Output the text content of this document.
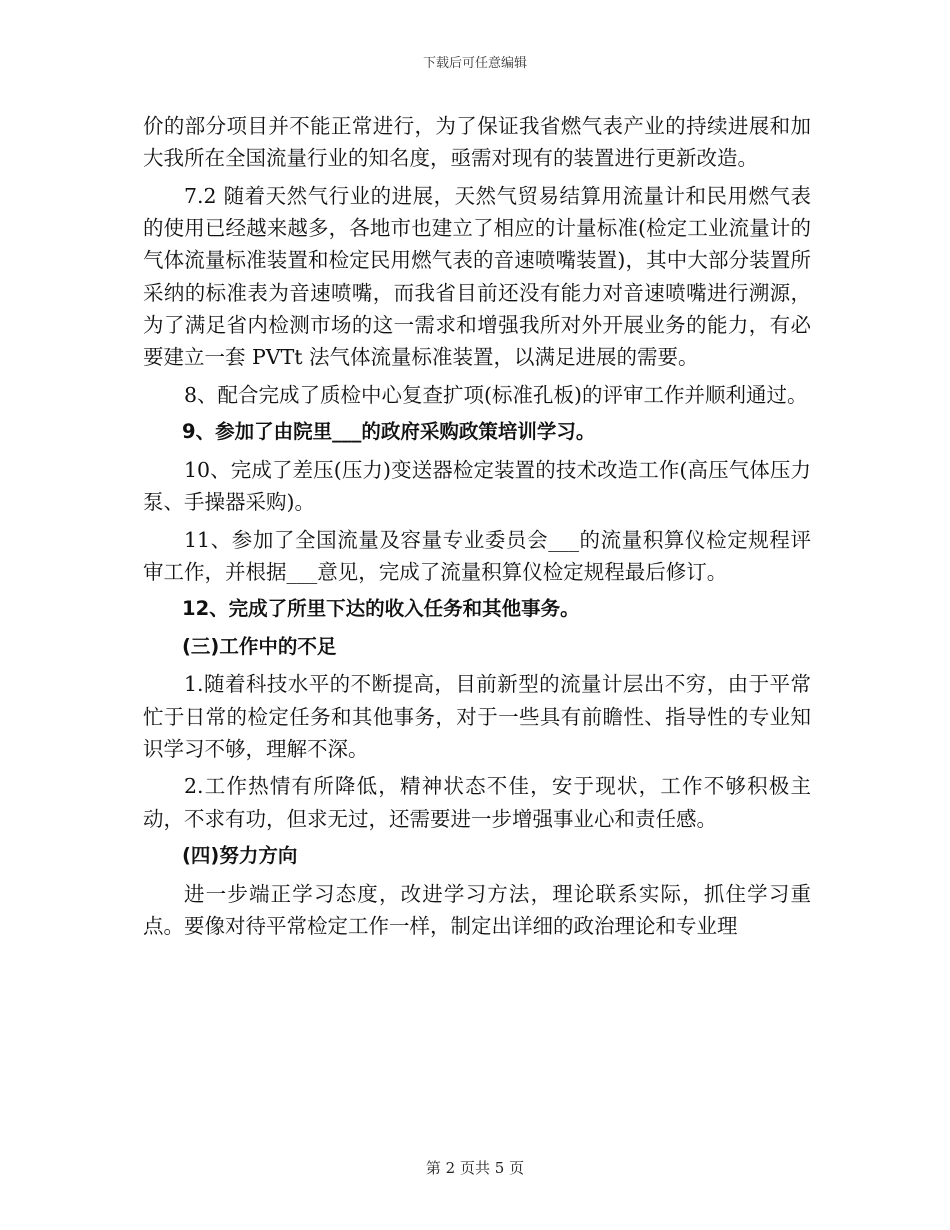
下载后可任意编辑

价的部分项目并不能正常进行，为了保证我省燃气表产业的持续进展和加大我所在全国流量行业的知名度，亟需对现有的装置进行更新改造。

7.2 随着天然气行业的进展，天然气贸易结算用流量计和民用燃气表的使用已经越来越多，各地市也建立了相应的计量标准(检定工业流量计的气体流量标准装置和检定民用燃气表的音速喷嘴装置)，其中大部分装置所采纳的标准表为音速喷嘴，而我省目前还没有能力对音速喷嘴进行溯源，为了满足省内检测市场的这一需求和增强我所对外开展业务的能力，有必要建立一套 PVTt 法气体流量标准装置，以满足进展的需要。

8、配合完成了质检中心复查扩项(标准孔板)的评审工作并顺利通过。

9、参加了由院里___的政府采购政策培训学习。

10、完成了差压(压力)变送器检定装置的技术改造工作(高压气体压力泵、手操器采购)。

11、参加了全国流量及容量专业委员会___的流量积算仪检定规程评审工作，并根据___意见，完成了流量积算仪检定规程最后修订。

12、完成了所里下达的收入任务和其他事务。

(三)工作中的不足

1.随着科技水平的不断提高，目前新型的流量计层出不穷，由于平常忙于日常的检定任务和其他事务，对于一些具有前瞻性、指导性的专业知识学习不够，理解不深。

2.工作热情有所降低，精神状态不佳，安于现状，工作不够积极主动，不求有功，但求无过，还需要进一步增强事业心和责任感。

(四)努力方向

进一步端正学习态度，改进学习方法，理论联系实际，抓住学习重点。要像对待平常检定工作一样，制定出详细的政治理论和专业理

第 2 页共 5 页
